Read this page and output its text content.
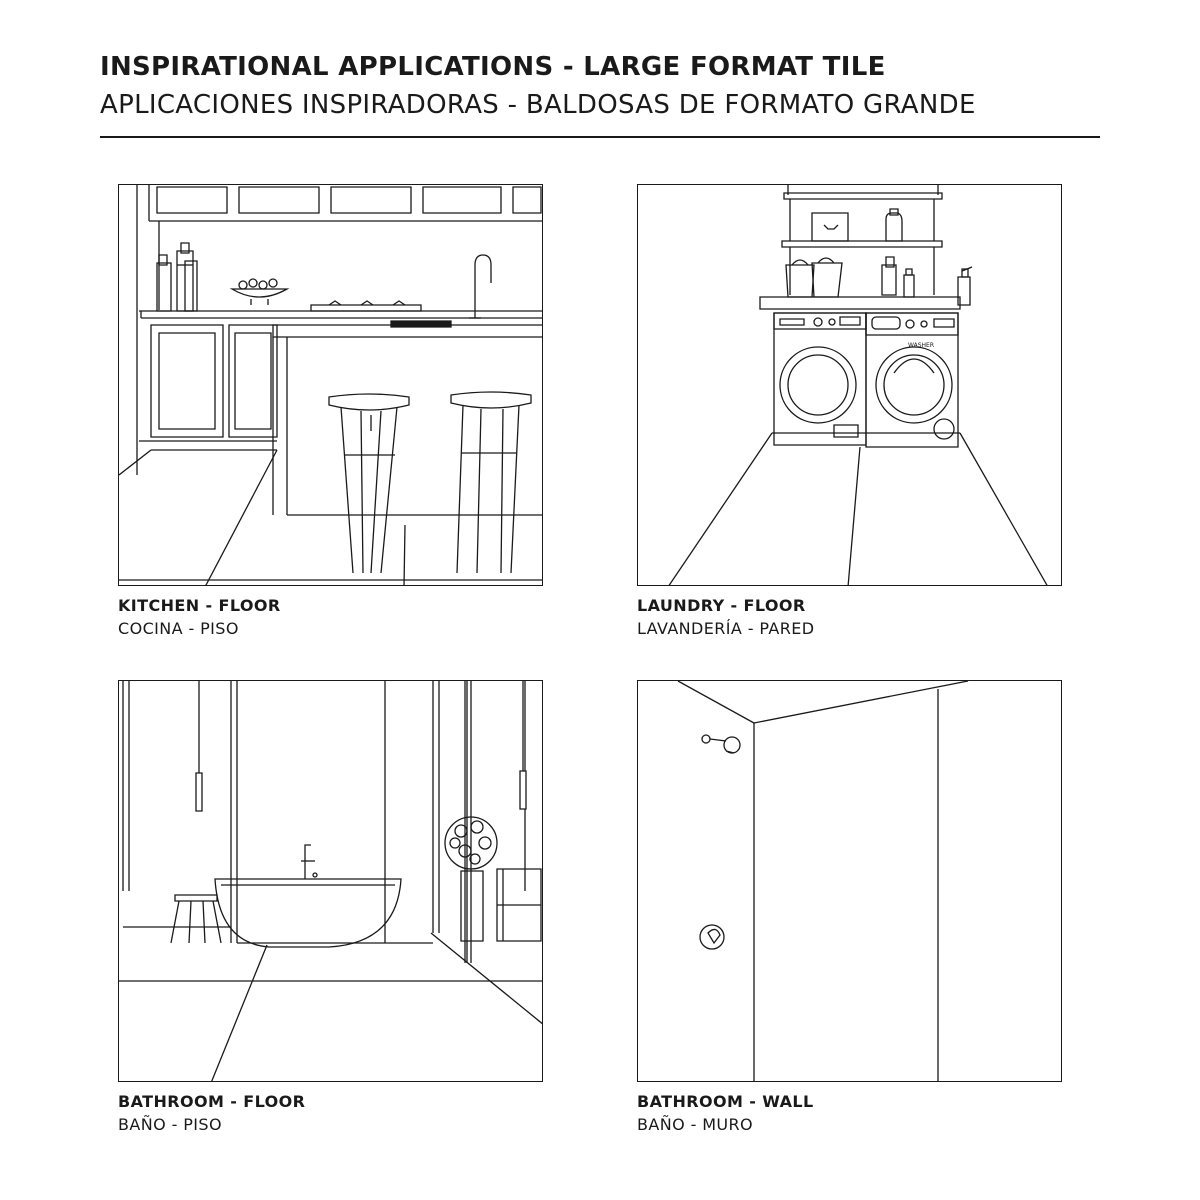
INSPIRATIONAL APPLICATIONS - LARGE FORMAT TILE
APLICACIONES INSPIRADORAS - BALDOSAS DE FORMATO GRANDE
KITCHEN - FLOOR
COCINA - PISO
WASHER
LAUNDRY - FLOOR
LAVANDERÍA - PARED
BATHROOM - FLOOR
BAÑO - PISO
BATHROOM - WALL
BAÑO - MURO
